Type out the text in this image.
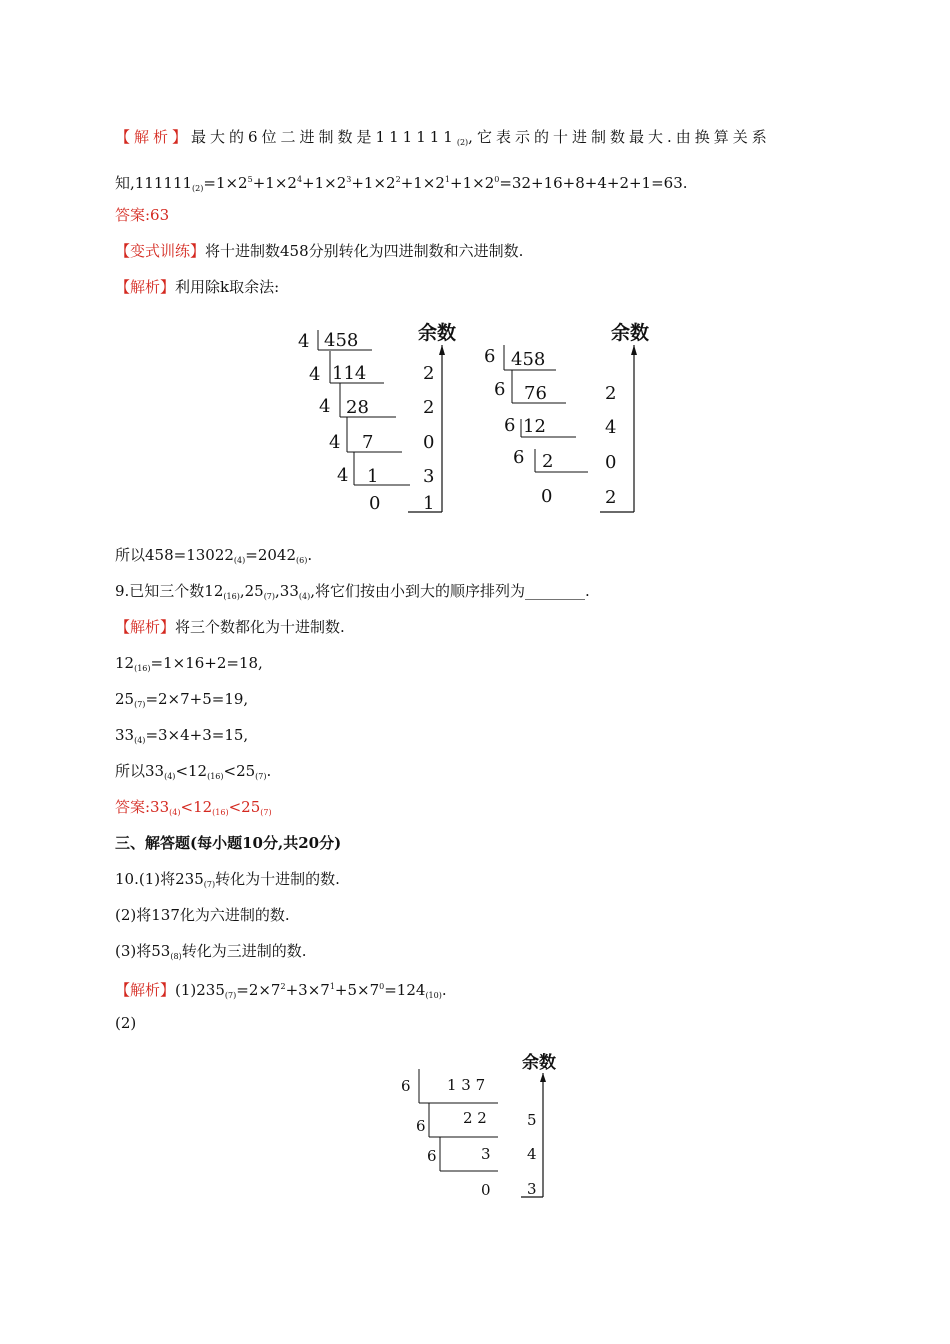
【解析】最大的6位二进制数是$111111_{(2)}$,它表示的十进制数最大.由换算关系
知$,111111_{(2)}=1\times 2^5+1\times 2^4+1\times 2^3+1\times 2^2+1\times 2^1+1\times 2^0=32+16+8+4+2+1=63$.
答案:63
【变式训练】将十进制数458分别转化为四进制数和六进制数.
【解析】利用除k取余法:
余数
4
4
4
4
4
458
114
28
7
1
0
2
2
0
3
1
余数
6
6
6
6
458
76
12
2
0
2
4
0
2
所以$458=13022_{(4)}=2042_{(6)}$.
9.已知三个数$12_{(16)},25_{(7)},33_{(4)}$,将它们按由小到大的顺序排列为________.
【解析】将三个数都化为十进制数.
$12_{(16)}=1\times 16+2=18$,
$25_{(7)}=2\times 7+5=19$,
$33_{(4)}=3\times 4+3=15$,
所以$33_{(4)}<12_{(16)}<25_{(7)}$.
答案$:33_{(4)}<12_{(16)}<25_{(7)}$
三、解答题(每小题10分,共20分)
10.(1)将$235_{(7)}$转化为十进制的数.
(2)将137化为六进制的数.
(3)将$53_{(8)}$转化为三进制的数.
【解析】$(1)235_{(7)}=2\times 7^2+3\times 7^1+5\times 7^0=124_{(10)}$.
(2)
余数
6
6
6
1 3 7
2 2
3
0
5
4
3
